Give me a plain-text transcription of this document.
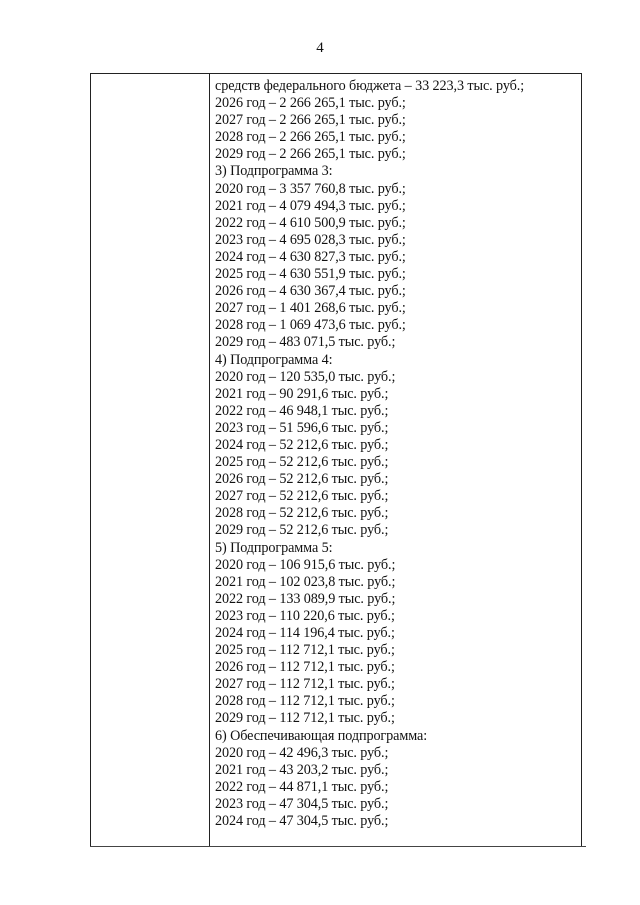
4
средств федерального бюджета – 33 223,3 тыс. руб.;
2026 год – 2 266 265,1 тыс. руб.;
2027 год – 2 266 265,1 тыс. руб.;
2028 год – 2 266 265,1 тыс. руб.;
2029 год – 2 266 265,1 тыс. руб.;
3) Подпрограмма 3:
2020 год – 3 357 760,8 тыс. руб.;
2021 год – 4 079 494,3 тыс. руб.;
2022 год – 4 610 500,9 тыс. руб.;
2023 год – 4 695 028,3 тыс. руб.;
2024 год – 4 630 827,3 тыс. руб.;
2025 год – 4 630 551,9 тыс. руб.;
2026 год – 4 630 367,4 тыс. руб.;
2027 год – 1 401 268,6 тыс. руб.;
2028 год – 1 069 473,6 тыс. руб.;
2029 год – 483 071,5 тыс. руб.;
4) Подпрограмма 4:
2020 год – 120 535,0 тыс. руб.;
2021 год – 90 291,6 тыс. руб.;
2022 год – 46 948,1 тыс. руб.;
2023 год – 51 596,6 тыс. руб.;
2024 год – 52 212,6 тыс. руб.;
2025 год – 52 212,6 тыс. руб.;
2026 год – 52 212,6 тыс. руб.;
2027 год – 52 212,6 тыс. руб.;
2028 год – 52 212,6 тыс. руб.;
2029 год – 52 212,6 тыс. руб.;
5) Подпрограмма 5:
2020 год – 106 915,6 тыс. руб.;
2021 год – 102 023,8 тыс. руб.;
2022 год – 133 089,9 тыс. руб.;
2023 год – 110 220,6 тыс. руб.;
2024 год – 114 196,4 тыс. руб.;
2025 год – 112 712,1 тыс. руб.;
2026 год – 112 712,1 тыс. руб.;
2027 год – 112 712,1 тыс. руб.;
2028 год – 112 712,1 тыс. руб.;
2029 год – 112 712,1 тыс. руб.;
6) Обеспечивающая подпрограмма:
2020 год – 42 496,3 тыс. руб.;
2021 год – 43 203,2 тыс. руб.;
2022 год – 44 871,1 тыс. руб.;
2023 год – 47 304,5 тыс. руб.;
2024 год – 47 304,5 тыс. руб.;
